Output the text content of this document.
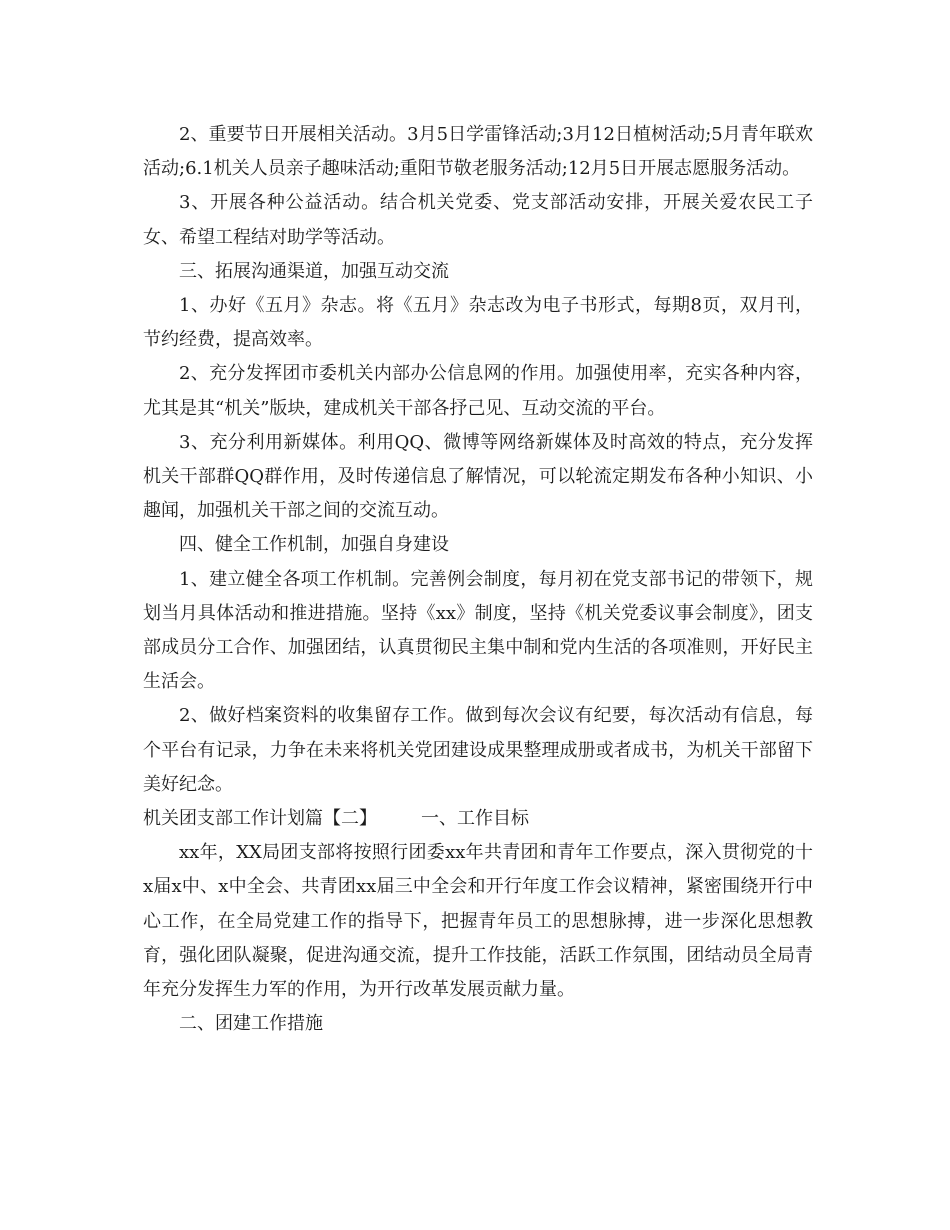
2、重要节日开展相关活动。3月5日学雷锋活动;3月12日植树活动;5月青年联欢活动;6.1机关人员亲子趣味活动;重阳节敬老服务活动;12月5日开展志愿服务活动。

3、开展各种公益活动。结合机关党委、党支部活动安排，开展关爱农民工子女、希望工程结对助学等活动。

三、拓展沟通渠道，加强互动交流

1、办好《五月》杂志。将《五月》杂志改为电子书形式，每期8页，双月刊，节约经费，提高效率。

2、充分发挥团市委机关内部办公信息网的作用。加强使用率，充实各种内容，尤其是其“机关”版块，建成机关干部各抒己见、互动交流的平台。

3、充分利用新媒体。利用QQ、微博等网络新媒体及时高效的特点，充分发挥机关干部群QQ群作用，及时传递信息了解情况，可以轮流定期发布各种小知识、小趣闻，加强机关干部之间的交流互动。

四、健全工作机制，加强自身建设

1、建立健全各项工作机制。完善例会制度，每月初在党支部书记的带领下，规划当月具体活动和推进措施。坚持《xx》制度，坚持《机关党委议事会制度》，团支部成员分工合作、加强团结，认真贯彻民主集中制和党内生活的各项准则，开好民主生活会。

2、做好档案资料的收集留存工作。做到每次会议有纪要，每次活动有信息，每个平台有记录，力争在未来将机关党团建设成果整理成册或者成书，为机关干部留下美好纪念。

机关团支部工作计划篇【二】 一、工作目标

xx年，XX局团支部将按照行团委xx年共青团和青年工作要点，深入贯彻党的十x届x中、x中全会、共青团xx届三中全会和开行年度工作会议精神，紧密围绕开行中心工作，在全局党建工作的指导下，把握青年员工的思想脉搏，进一步深化思想教育，强化团队凝聚，促进沟通交流，提升工作技能，活跃工作氛围，团结动员全局青年充分发挥生力军的作用，为开行改革发展贡献力量。

二、团建工作措施
